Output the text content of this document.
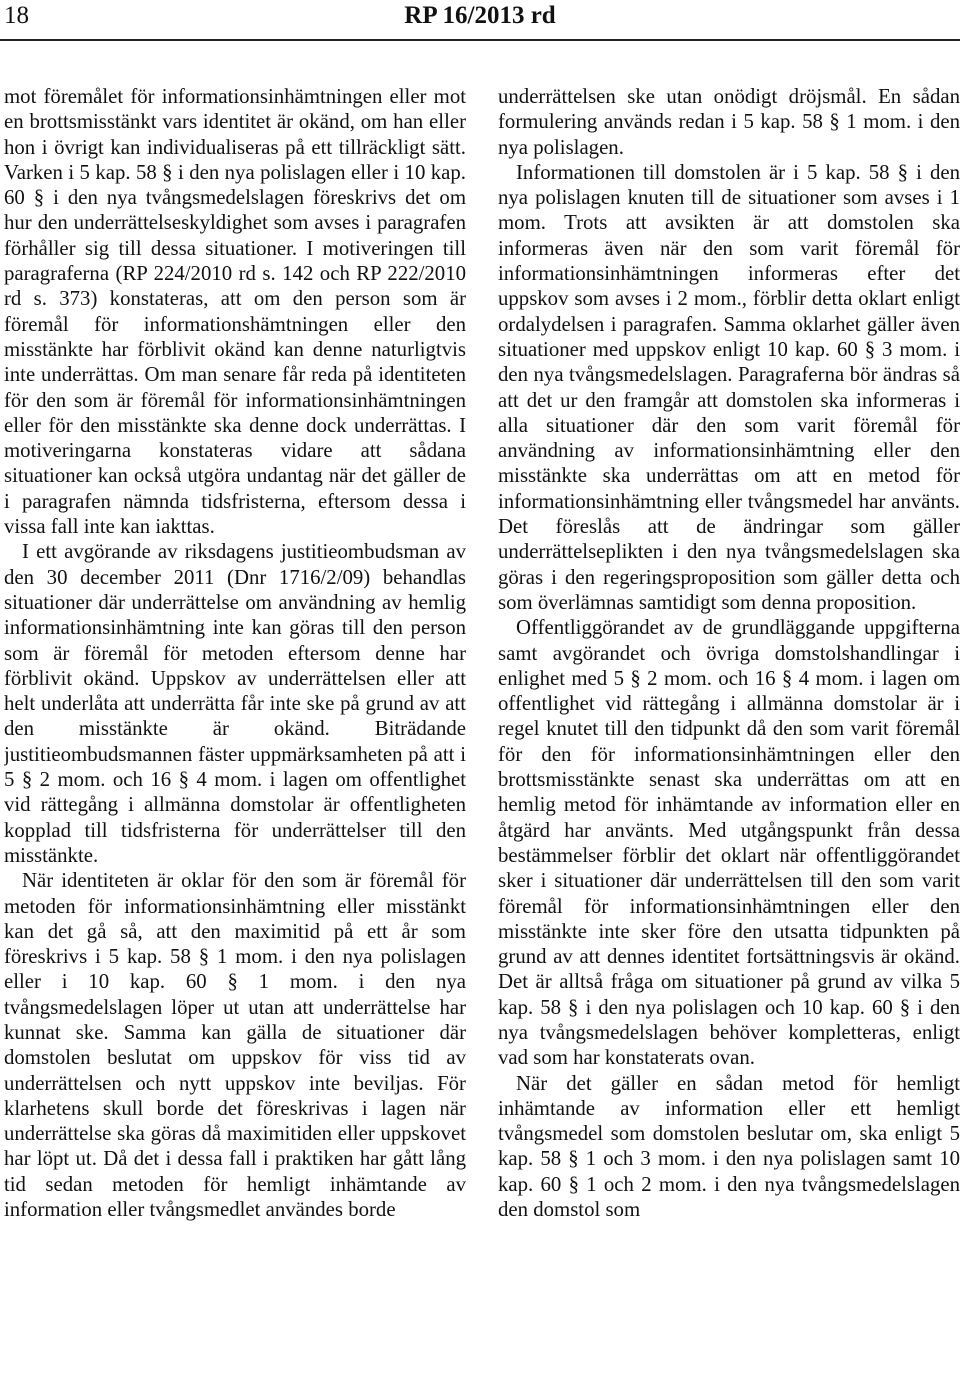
18	RP 16/2013 rd

mot föremålet för informationsinhämtningen eller mot en brottsmisstänkt vars identitet är okänd, om han eller hon i övrigt kan individualiseras på ett tillräckligt sätt. Varken i 5 kap. 58 § i den nya polislagen eller i 10 kap. 60 § i den nya tvångsmedelslagen föreskrivs det om hur den underrättelseskyldighet som avses i paragrafen förhåller sig till dessa situationer. I motiveringen till paragraferna (RP 224/2010 rd s. 142 och RP 222/2010 rd s. 373) konstateras, att om den person som är föremål för informationshämtningen eller den misstänkte har förblivit okänd kan denne naturligtvis inte underrättas. Om man senare får reda på identiteten för den som är föremål för informationsinhämtningen eller för den misstänkte ska denne dock underrättas. I motiveringarna konstateras vidare att sådana situationer kan också utgöra undantag när det gäller de i paragrafen nämnda tidsfristerna, eftersom dessa i vissa fall inte kan iakttas.

I ett avgörande av riksdagens justitieombudsman av den 30 december 2011 (Dnr 1716/2/09) behandlas situationer där underrättelse om användning av hemlig informationsinhämtning inte kan göras till den person som är föremål för metoden eftersom denne har förblivit okänd. Uppskov av underrättelsen eller att helt underlåta att underrätta får inte ske på grund av att den misstänkte är okänd. Biträdande justitieombudsmannen fäster uppmärksamheten på att i 5 § 2 mom. och 16 § 4 mom. i lagen om offentlighet vid rättegång i allmänna domstolar är offentligheten kopplad till tidsfristerna för underrättelser till den misstänkte.

När identiteten är oklar för den som är föremål för metoden för informationsinhämtning eller misstänkt kan det gå så, att den maximitid på ett år som föreskrivs i 5 kap. 58 § 1 mom. i den nya polislagen eller i 10 kap. 60 § 1 mom. i den nya tvångsmedelslagen löper ut utan att underrättelse har kunnat ske. Samma kan gälla de situationer där domstolen beslutat om uppskov för viss tid av underrättelsen och nytt uppskov inte beviljas. För klarhetens skull borde det föreskrivas i lagen när underrättelse ska göras då maximitiden eller uppskovet har löpt ut. Då det i dessa fall i praktiken har gått lång tid sedan metoden för hemligt inhämtande av information eller tvångsmedlet användes borde

underrättelsen ske utan onödigt dröjsmål. En sådan formulering används redan i 5 kap. 58 § 1 mom. i den nya polislagen.

Informationen till domstolen är i 5 kap. 58 § i den nya polislagen knuten till de situationer som avses i 1 mom. Trots att avsikten är att domstolen ska informeras även när den som varit föremål för informationsinhämtningen informeras efter det uppskov som avses i 2 mom., förblir detta oklart enligt ordalydelsen i paragrafen. Samma oklarhet gäller även situationer med uppskov enligt 10 kap. 60 § 3 mom. i den nya tvångsmedelslagen. Paragraferna bör ändras så att det ur den framgår att domstolen ska informeras i alla situationer där den som varit föremål för användning av informationsinhämtning eller den misstänkte ska underrättas om att en metod för informationsinhämtning eller tvångsmedel har använts. Det föreslås att de ändringar som gäller underrättelseplikten i den nya tvångsmedelslagen ska göras i den regeringsproposition som gäller detta och som överlämnas samtidigt som denna proposition.

Offentliggörandet av de grundläggande uppgifterna samt avgörandet och övriga domstolshandlingar i enlighet med 5 § 2 mom. och 16 § 4 mom. i lagen om offentlighet vid rättegång i allmänna domstolar är i regel knutet till den tidpunkt då den som varit föremål för den för informationsinhämtningen eller den brottsmisstänkte senast ska underrättas om att en hemlig metod för inhämtande av information eller en åtgärd har använts. Med utgångspunkt från dessa bestämmelser förblir det oklart när offentliggörandet sker i situationer där underrättelsen till den som varit föremål för informationsinhämtningen eller den misstänkte inte sker före den utsatta tidpunkten på grund av att dennes identitet fortsättningsvis är okänd. Det är alltså fråga om situationer på grund av vilka 5 kap. 58 § i den nya polislagen och 10 kap. 60 § i den nya tvångsmedelslagen behöver kompletteras, enligt vad som har konstaterats ovan.

När det gäller en sådan metod för hemligt inhämtande av information eller ett hemligt tvångsmedel som domstolen beslutar om, ska enligt 5 kap. 58 § 1 och 3 mom. i den nya polislagen samt 10 kap. 60 § 1 och 2 mom. i den nya tvångsmedelslagen den domstol som
